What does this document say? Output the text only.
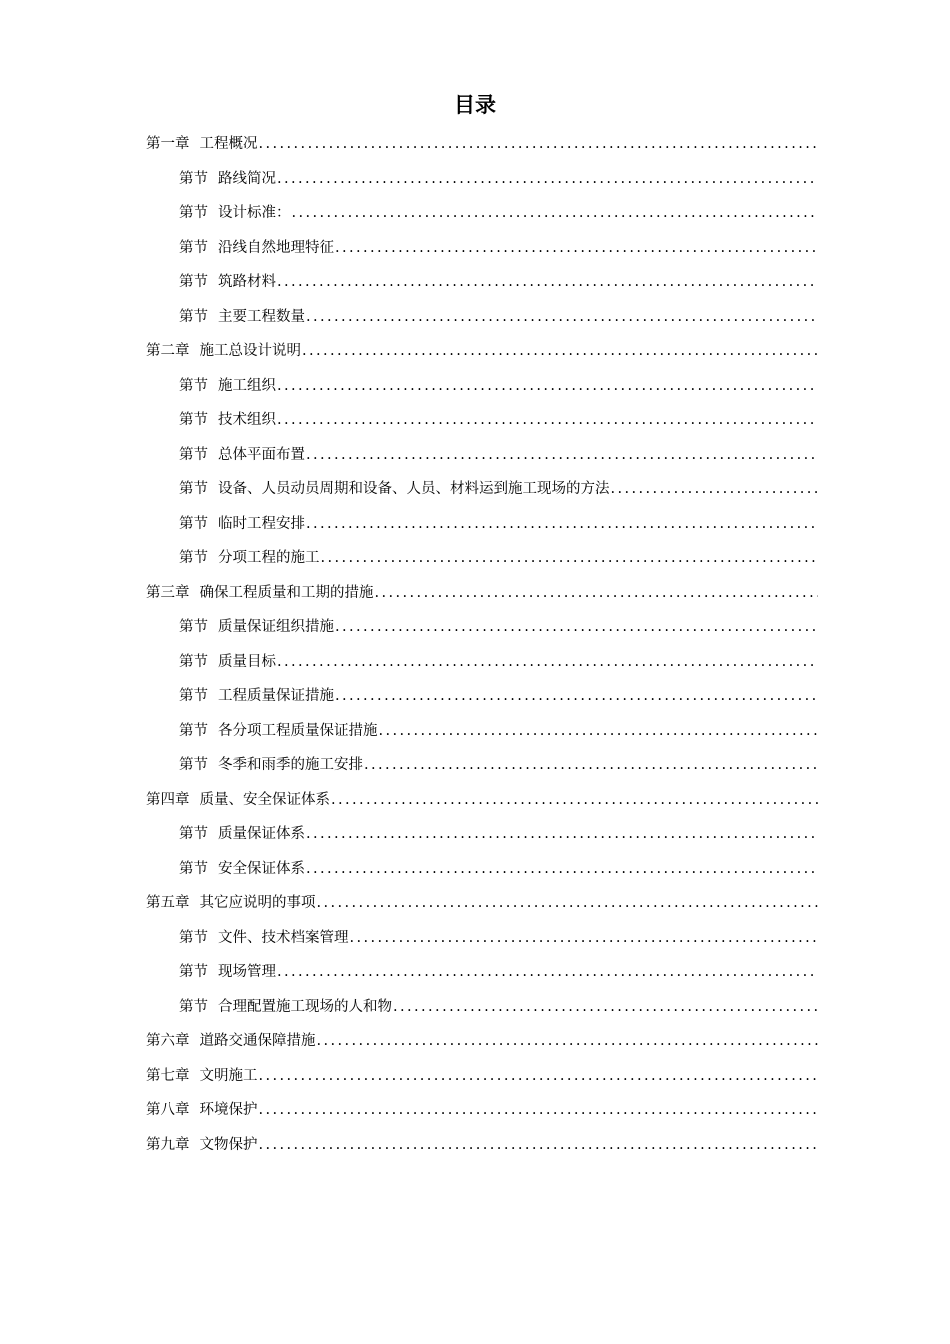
目录
第一章 工程概况
.....
第节 路线简况
.....
第节 设计标准：
.....
第节 沿线自然地理特征
.....
第节 筑路材料
.....
第节 主要工程数量
.....
第二章 施工总设计说明
.....
第节 施工组织
.....
第节 技术组织
.....
第节 总体平面布置
.....
第节 设备、人员动员周期和设备、人员、材料运到施工现场的方法
.....
第节 临时工程安排
.....
第节 分项工程的施工
.....
第三章 确保工程质量和工期的措施
.....
第节 质量保证组织措施
.....
第节 质量目标
.....
第节 工程质量保证措施
.....
第节 各分项工程质量保证措施
.....
第节 冬季和雨季的施工安排
.....
第四章 质量、安全保证体系
.....
第节 质量保证体系
.....
第节 安全保证体系
.....
第五章 其它应说明的事项
.....
第节 文件、技术档案管理
.....
第节 现场管理
.....
第节 合理配置施工现场的人和物
.....
第六章 道路交通保障措施
.....
第七章 文明施工
.....
第八章 环境保护
.....
第九章 文物保护
.....
